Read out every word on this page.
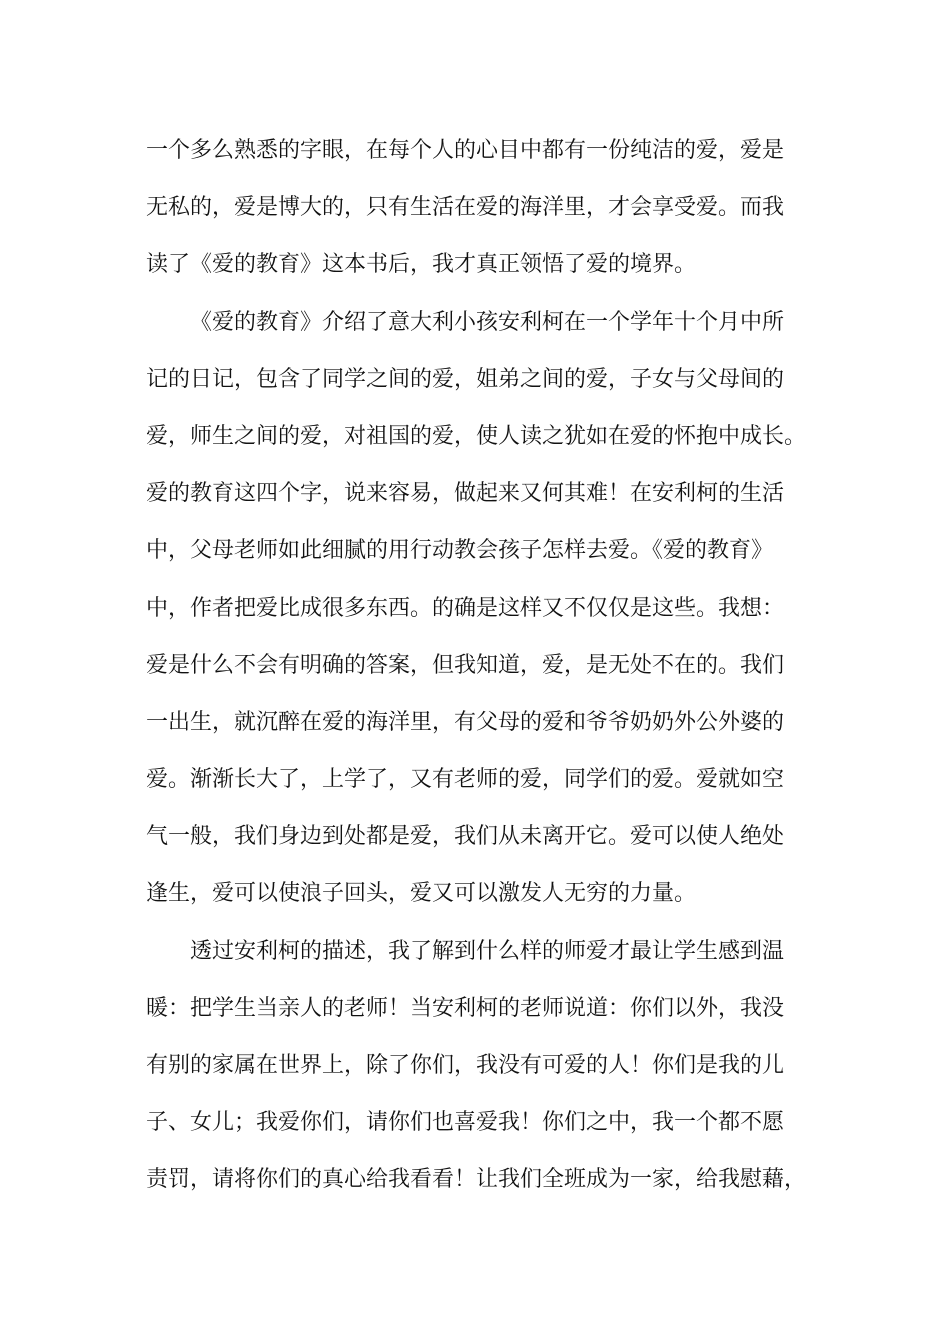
一个多么熟悉的字眼，在每个人的心目中都有一份纯洁的爱，爱是
无私的，爱是博大的，只有生活在爱的海洋里，才会享受爱。而我
读了《爱的教育》这本书后，我才真正领悟了爱的境界。
《爱的教育》介绍了意大利小孩安利柯在一个学年十个月中所
记的日记，包含了同学之间的爱，姐弟之间的爱，子女与父母间的
爱，师生之间的爱，对祖国的爱，使人读之犹如在爱的怀抱中成长。
爱的教育这四个字，说来容易，做起来又何其难！在安利柯的生活
中，父母老师如此细腻的用行动教会孩子怎样去爱。《爱的教育》
中，作者把爱比成很多东西。的确是这样又不仅仅是这些。我想：
爱是什么不会有明确的答案，但我知道，爱，是无处不在的。我们
一出生，就沉醉在爱的海洋里，有父母的爱和爷爷奶奶外公外婆的
爱。渐渐长大了，上学了，又有老师的爱，同学们的爱。爱就如空
气一般，我们身边到处都是爱，我们从未离开它。爱可以使人绝处
逢生，爱可以使浪子回头，爱又可以激发人无穷的力量。
透过安利柯的描述，我了解到什么样的师爱才最让学生感到温
暖：把学生当亲人的老师！当安利柯的老师说道：你们以外，我没
有别的家属在世界上，除了你们，我没有可爱的人！你们是我的儿
子、女儿；我爱你们，请你们也喜爱我！你们之中，我一个都不愿
责罚，请将你们的真心给我看看！让我们全班成为一家，给我慰藉，
